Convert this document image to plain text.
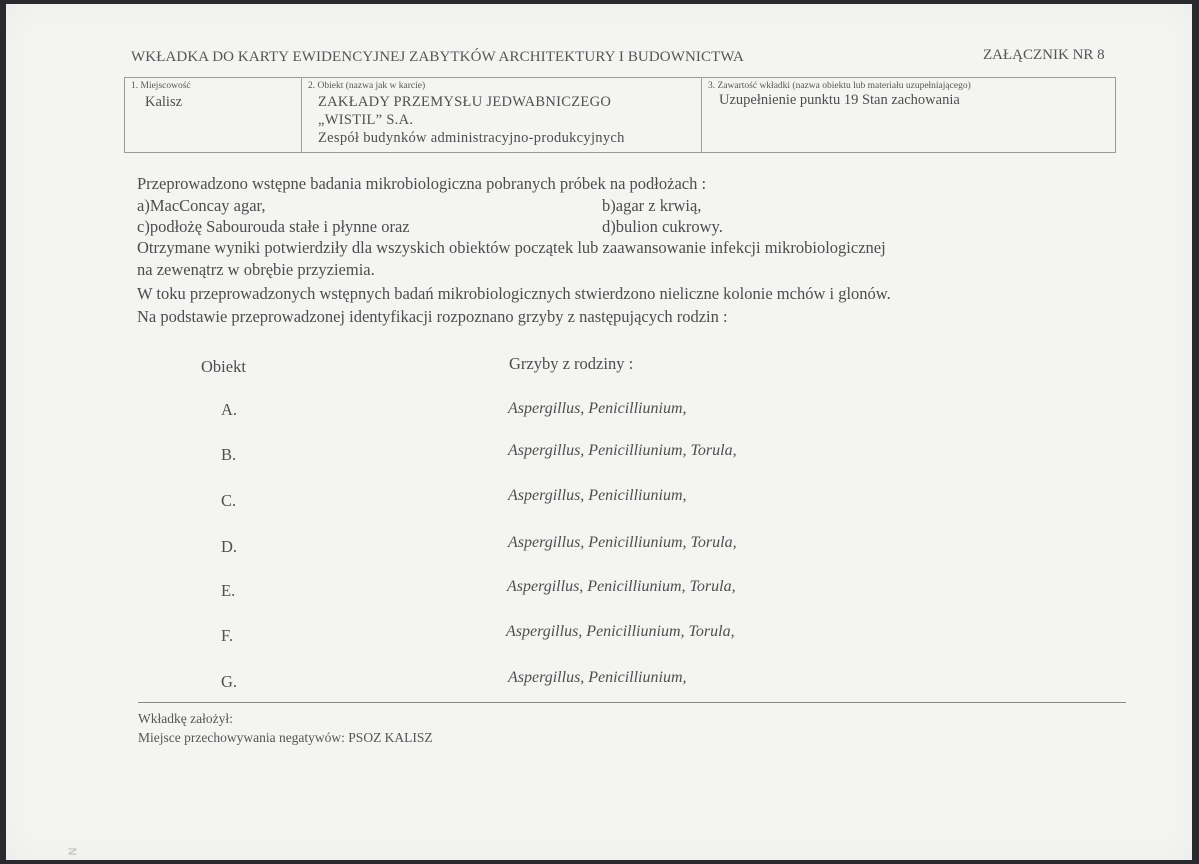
WKŁADKA DO KARTY EWIDENCYJNEJ ZABYTKÓW ARCHITEKTURY I BUDOWNICTWA	ZAŁĄCZNIK NR 8
1. Miejscowość
Kalisz
2. Obiekt (nazwa jak w karcie)
ZAKŁADY PRZEMYSŁU JEDWABNICZEGO
„WISTIL” S.A.
Zespół budynków administracyjno-produkcyjnych
3. Zawartość wkładki (nazwa obiektu lub materiału uzupełniającego)
Uzupełnienie punktu 19 Stan zachowania
Przeprowadzono wstępne badania mikrobiologiczna pobranych próbek na podłożach :
a)MacConcay agar,	b)agar z krwią,
c)podłożę Sabourouda stałe i płynne oraz	d)bulion cukrowy.
Otrzymane wyniki potwierdziły dla wszyskich obiektów początek lub zaawansowanie infekcji mikrobiologicznej
na zewenątrz w obrębie przyziemia.
W toku przeprowadzonych wstępnych badań mikrobiologicznych stwierdzono nieliczne kolonie mchów i glonów.
Na podstawie przeprowadzonej identyfikacji rozpoznano grzyby z następujących rodzin :
Obiekt	Grzyby z rodziny :
A.	Aspergillus, Penicilliunium,
B.	Aspergillus, Penicilliunium, Torula,
C.	Aspergillus, Penicilliunium,
D.	Aspergillus, Penicilliunium, Torula,
E.	Aspergillus, Penicilliunium, Torula,
F.	Aspergillus, Penicilliunium, Torula,
G.	Aspergillus, Penicilliunium,
Wkładkę założył:
Miejsce przechowywania negatywów: PSOZ KALISZ
N
